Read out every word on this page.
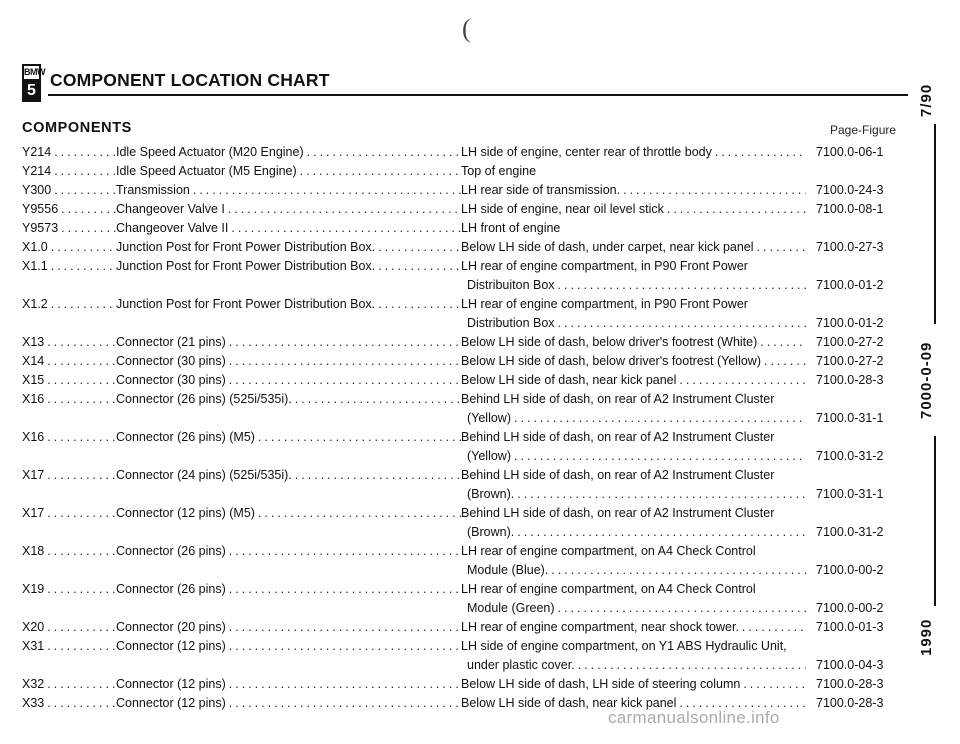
(
BMW
5
COMPONENT LOCATION CHART
COMPONENTS	Page-Figure
Y214 .....	Idle Speed Actuator (M20 Engine) .....	LH side of engine, center rear of throttle body .....	7100.0-06-1
Y214 .....	Idle Speed Actuator (M5 Engine) .....	Top of engine
Y300 .....	Transmission .....	LH rear side of transmission. .....	7100.0-24-3
Y9556 .....	Changeover Valve I .....	LH side of engine, near oil level stick .....	7100.0-08-1
Y9573 .....	Changeover Valve II .....	LH front of engine
X1.0 .....	Junction Post for Front Power Distribution Box. .....	Below LH side of dash, under carpet, near kick panel .....	7100.0-27-3
X1.1 .....	Junction Post for Front Power Distribution Box. .....	LH rear of engine compartment, in P90 Front Power
Distribuiton Box .....	7100.0-01-2
X1.2 .....	Junction Post for Front Power Distribution Box. .....	LH rear of engine compartment, in P90 Front Power
Distribution Box .....	7100.0-01-2
X13 .....	Connector (21 pins) .....	Below LH side of dash, below driver's footrest (White) .....	7100.0-27-2
X14 .....	Connector (30 pins) .....	Below LH side of dash, below driver's footrest (Yellow) .....	7100.0-27-2
X15 .....	Connector (30 pins) .....	Below LH side of dash, near kick panel .....	7100.0-28-3
X16 .....	Connector (26 pins) (525i/535i). .....	Behind LH side of dash, on rear of A2 Instrument Cluster
(Yellow) .....	7100.0-31-1
X16 .....	Connector (26 pins) (M5) .....	Behind LH side of dash, on rear of A2 Instrument Cluster
(Yellow) .....	7100.0-31-2
X17 .....	Connector (24 pins) (525i/535i). .....	Behind LH side of dash, on rear of A2 Instrument Cluster
(Brown). .....	7100.0-31-1
X17 .....	Connector (12 pins) (M5) .....	Behind LH side of dash, on rear of A2 Instrument Cluster
(Brown). .....	7100.0-31-2
X18 .....	Connector (26 pins) .....	LH rear of engine compartment, on A4 Check Control
Module (Blue). .....	7100.0-00-2
X19 .....	Connector (26 pins) .....	LH rear of engine compartment, on A4 Check Control
Module (Green) .....	7100.0-00-2
X20 .....	Connector (20 pins) .....	LH rear of engine compartment, near shock tower. .....	7100.0-01-3
X31 .....	Connector (12 pins) .....	LH side of engine compartment, on Y1 ABS Hydraulic Unit,
under plastic cover. .....	7100.0-04-3
X32 .....	Connector (12 pins) .....	Below LH side of dash, LH side of steering column .....	7100.0-28-3
X33 .....	Connector (12 pins) .....	Below LH side of dash, near kick panel .....	7100.0-28-3
7/90
7000-0-09
1990
carmanualsonline.info
